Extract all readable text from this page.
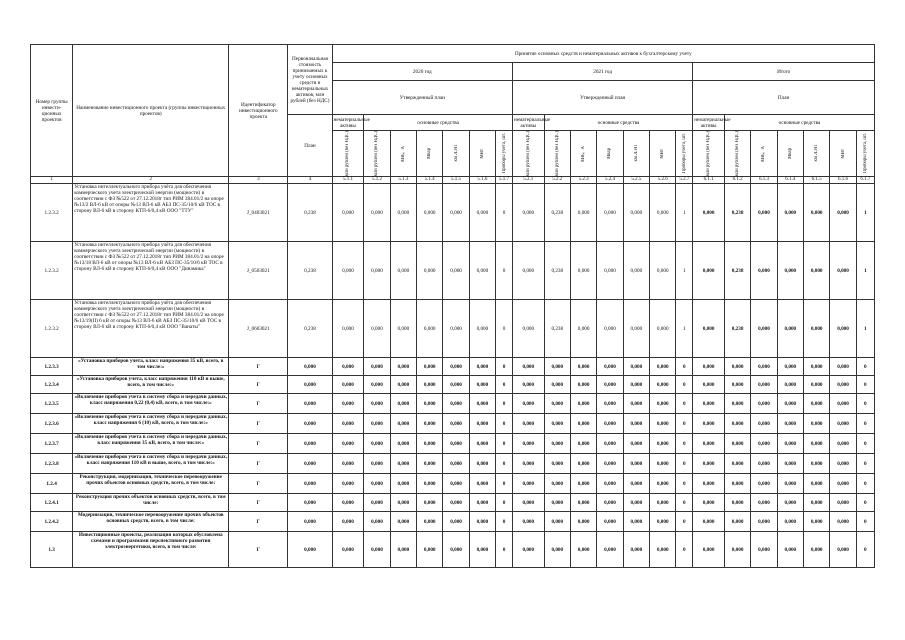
Номер группы инвести-ционных проектов	Наименование инвестиционного проекта (группы инвестиционных проектов)	Идентификатор инвестиционного проекта	Первоначальная стоимость принимаемых к учету основных средств и нематериальных активов, млн рублей (без НДС)	Принятие основных средств и нематериальных активов к бухгалтерскому учету																				
				2020 год							2021 год							Итого						
				Утвержденный план							Утвержденный план							План						
			План	нематериальные активы	основные средства						нематериальные активы	основные средства						нематериальные активы	основные средства					

				млн рублей (без НДС)	млн рублей (без НДС)	МВ×А	Мвар	км ЛЭП	МВт	Приборы учета, шт.	млн рублей (без НДС)	млн рублей (без НДС)	МВ×А	Мвар	км ЛЭП	МВт	Приборы учета, шт.	млн рублей (без НДС)	млн рублей (без НДС)	МВ×А	Мвар	км ЛЭП	МВт	Приборы учета, шт.

1	2	3	4	5.1.1	5.1.2	5.1.3	5.1.4	5.1.5	5.1.6	5.1.7	5.2.1	5.2.2	5.2.3	5.2.4	5.2.5	5.2.6	5.2.7	6.1.1	6.1.2	6.1.3	6.1.4	6.1.5	6.1.6	6.1.7
1.2.3.2	Установка интеллектуального прибора учёта для обеспечения коммерческого учета электрической энергии (мощности) в соответствии с ФЗ №522 от 27.12.2018г тип РИМ 384.01/2 на опоре №13/2 ВЛ-6 кВ от опоры №13 ВЛ-6 кВ АБЗ ПС-35/10/6 кВ ТОС в сторону ВЛ-6 кВ в сторону КТП-6/0,4 кВ ООО "ТТУ"	J_0403021	0,238	0,000	0,000	0,000	0,000	0,000	0,000	0	0,000	0,238	0,000	0,000	0,000	0,000	1	0,000	0,238	0,000	0,000	0,000	0,000	1
1.2.3.2	Установка интеллектуального прибора учёта для обеспечения коммерческого учета электрической энергии (мощности) в соответствии с ФЗ №522 от 27.12.2018г тип РИМ 384.01/2 на опоре №13/18 ВЛ-6 кВ от опоры №13 ВЛ-6 кВ АБЗ ПС-35/10/6 кВ ТОС в сторону ВЛ-6 кВ в сторону КТП-6/0,4 кВ ООО "Динамика"	J_0503021	0,238	0,000	0,000	0,000	0,000	0,000	0,000	0	0,000	0,238	0,000	0,000	0,000	0,000	1	0,000	0,238	0,000	0,000	0,000	0,000	1
1.2.3.2	Установка интеллектуального прибора учёта для обеспечения коммерческого учета электрической энергии (мощности) в соответствии с ФЗ №522 от 27.12.2018г тип РИМ 384.01/2 на опоре №13/19(II) 6 кВ от опоры №13 ВЛ-6 кВ АБЗ ПС-35/10/6 кВ ТОС в сторону ВЛ-6 кВ в сторону КТП-6/0,4 кВ ООО "Ванаты"	J_0603021	0,238	0,000	0,000	0,000	0,000	0,000	0,000	0	0,000	0,238	0,000	0,000	0,000	0,000	1	0,000	0,238	0,000	0,000	0,000	0,000	1
1.2.3.3	«Установка приборов учета, класс напряжения 35 кВ, всего, в том числе:»	Г	0,000	0,000	0,000	0,000	0,000	0,000	0,000	0	0,000	0,000	0,000	0,000	0,000	0,000	0	0,000	0,000	0,000	0,000	0,000	0,000	0
1.2.3.4	«Установка приборов учета, класс напряжения 110 кВ и выше, всего, в том числе:»	Г	0,000	0,000	0,000	0,000	0,000	0,000	0,000	0	0,000	0,000	0,000	0,000	0,000	0,000	0	0,000	0,000	0,000	0,000	0,000	0,000	0
1.2.3.5	«Включение приборов учета в систему сбора и передачи данных, класс напряжения 0,22 (0,4) кВ, всего, в том числе:»	Г	0,000	0,000	0,000	0,000	0,000	0,000	0,000	0	0,000	0,000	0,000	0,000	0,000	0,000	0	0,000	0,000	0,000	0,000	0,000	0,000	0
1.2.3.6	«Включение приборов учета в систему сбора и передачи данных, класс напряжения 6 (10) кВ, всего, в том числе:»	Г	0,000	0,000	0,000	0,000	0,000	0,000	0,000	0	0,000	0,000	0,000	0,000	0,000	0,000	0	0,000	0,000	0,000	0,000	0,000	0,000	0
1.2.3.7	«Включение приборов учета в систему сбора и передачи данных, класс напряжения 35 кВ, всего, в том числе:»	Г	0,000	0,000	0,000	0,000	0,000	0,000	0,000	0	0,000	0,000	0,000	0,000	0,000	0,000	0	0,000	0,000	0,000	0,000	0,000	0,000	0
1.2.3.8	«Включение приборов учета в систему сбора и передачи данных, класс напряжения 110 кВ и выше, всего, в том числе:»	Г	0,000	0,000	0,000	0,000	0,000	0,000	0,000	0	0,000	0,000	0,000	0,000	0,000	0,000	0	0,000	0,000	0,000	0,000	0,000	0,000	0
1.2.4	Реконструкция, модернизация, техническое перевооружение прочих объектов основных средств, всего, в том числе:	Г	0,000	0,000	0,000	0,000	0,000	0,000	0,000	0	0,000	0,000	0,000	0,000	0,000	0,000	0	0,000	0,000	0,000	0,000	0,000	0,000	0
1.2.4.1	Реконструкция прочих объектов основных средств, всего, в том числе:	Г	0,000	0,000	0,000	0,000	0,000	0,000	0,000	0	0,000	0,000	0,000	0,000	0,000	0,000	0	0,000	0,000	0,000	0,000	0,000	0,000	0
1.2.4.2	Модернизация, техническое перевооружение прочих объектов основных средств, всего, в том числе:	Г	0,000	0,000	0,000	0,000	0,000	0,000	0,000	0	0,000	0,000	0,000	0,000	0,000	0,000	0	0,000	0,000	0,000	0,000	0,000	0,000	0
1.3	Инвестиционные проекты, реализация которых обусловлена схемами и программами перспективного развития электроэнергетики, всего, в том числе:	Г	0,000	0,000	0,000	0,000	0,000	0,000	0,000	0	0,000	0,000	0,000	0,000	0,000	0,000	0	0,000	0,000	0,000	0,000	0,000	0,000	0
